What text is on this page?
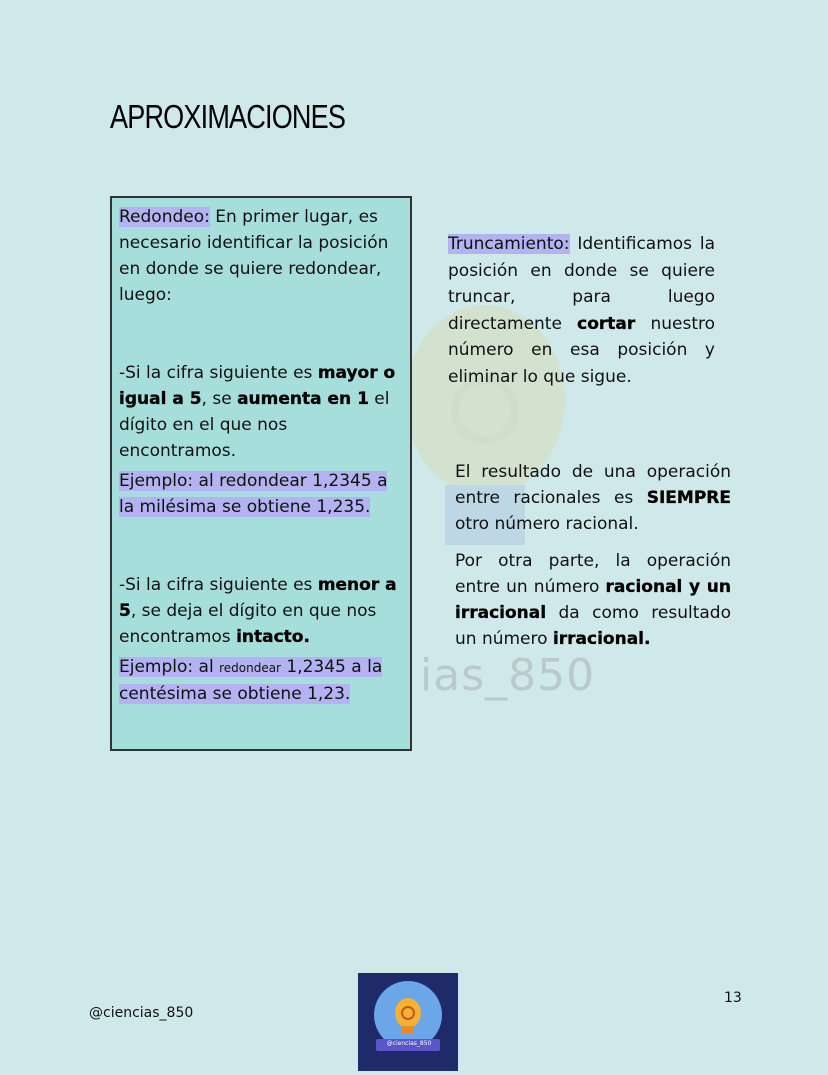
ias_850
APROXIMACIONES

Redondeo: En primer lugar, es necesario identificar la posición en donde se quiere redondear, luego:

-Si la cifra siguiente es mayor o igual a 5, se aumenta en 1 el dígito en el que nos encontramos.

Ejemplo: al redondear 1,2345 a la milésima se obtiene 1,235.

-Si la cifra siguiente es menor a 5, se deja el dígito en que nos encontramos intacto.

Ejemplo: al redondear 1,2345 a la centésima se obtiene 1,23.

Truncamiento: Identificamos la posición en donde se quiere truncar, para luego directamente cortar nuestro número en esa posición y eliminar lo que sigue.

El resultado de una operación entre racionales es SIEMPRE otro número racional.

Por otra parte, la operación entre un número racional y un irracional da como resultado un número irracional.

@ciencias_850
13
@ciencias_850
